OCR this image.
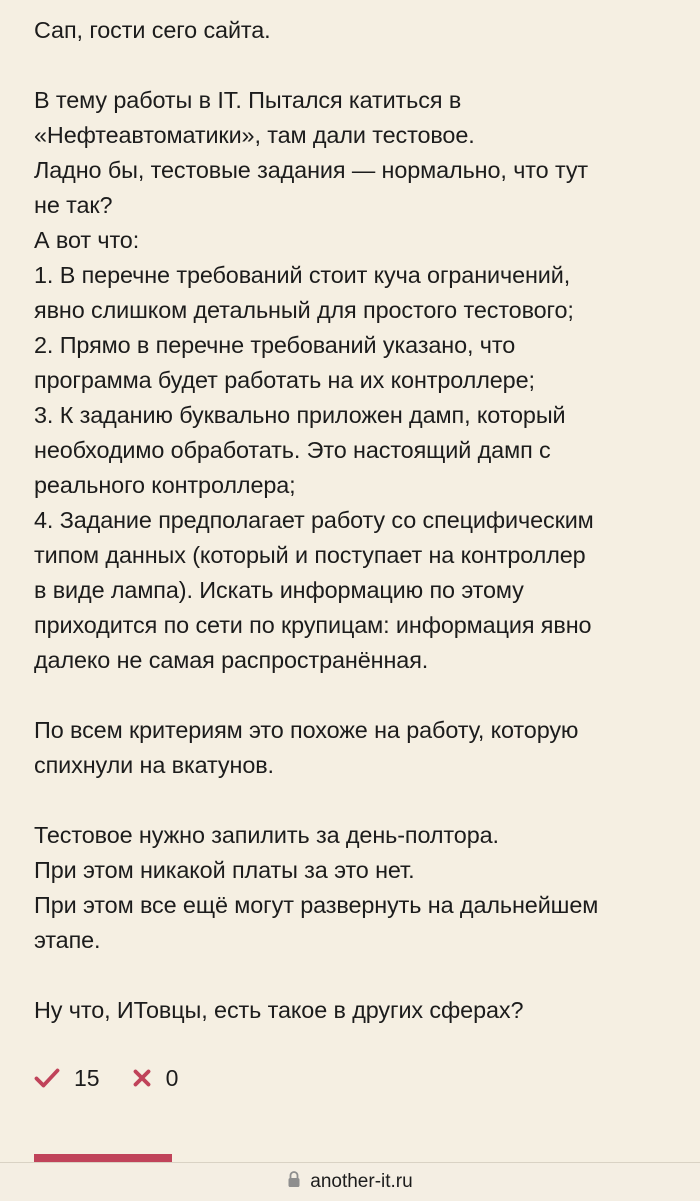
Сап, гости сего сайта.

В тему работы в IT. Пытался катиться в
«Нефтеавтоматики», там дали тестовое.
Ладно бы, тестовые задания — нормально, что тут
не так?
А вот что:
1. В перечне требований стоит куча ограничений,
явно слишком детальный для простого тестового;
2. Прямо в перечне требований указано, что
программа будет работать на их контроллере;
3. К заданию буквально приложен дамп, который
необходимо обработать. Это настоящий дамп с
реального контроллера;
4. Задание предполагает работу со специфическим
типом данных (который и поступает на контроллер
в виде лампа). Искать информацию по этому
приходится по сети по крупицам: информация явно
далеко не самая распространённая.

По всем критериям это похоже на работу, которую
спихнули на вкатунов.

Тестовое нужно запилить за день-полтора.
При этом никакой платы за это нет.
При этом все ещё могут развернуть на дальнейшем
этапе.

Ну что, ИТовцы, есть такое в других сферах?

15	0
another-it.ru
